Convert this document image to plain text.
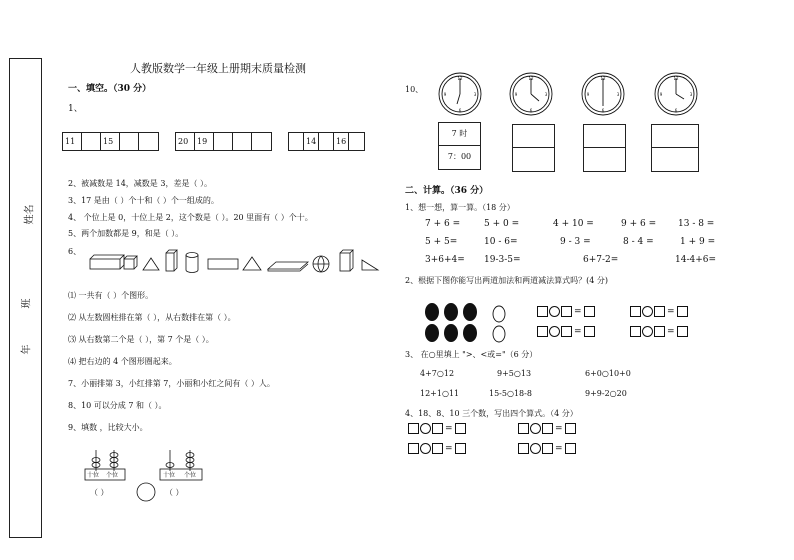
姓名
班
年
人教版数学一年级上册期末质量检测
一、填空。（30 分）
1、
11	15	20	19	14	16
2、被减数是 14，减数是 3，差是（ ）。
3、17 是由（ ）个十和（ ）个一组成的。
4、 个位上是 0，十位上是 2，这个数是（ ）。20 里面有（ ）个十。
5、两个加数都是 9，和是（ ）。
6、
⑴ 一共有（ ）个图形。
⑵ 从左数圆柱排在第（ ），从右数排在第（ ）。
⑶ 从右数第二个是（ ），第 7 个是（ ）。
⑷ 把右边的 4 个图形圈起来。
7、小丽排第 3，小红排第 7，小丽和小红之间有（ ）人。
8、10 可以分成 7 和（ ）。
9、填数 ，比较大小。
十位 个位	十位 个位
（ ）	（ ）
10、
12
6
9	3
12
6
9	3
12
6
9	3
12
6
9	3
7 时
7：00
二、计算。（36 分）
1、想一想，算一算。（18 分）
7 + 6 =	5 + 0 =	4 + 10 =	9 + 6 = 13 - 8 =
5 + 5=	10 - 6=	9 - 3 =	8 - 4 =	1 + 9 =
3+6+4= 19-3-5=	6+7-2=	14-4+6=
2、根据下图你能写出两道加法和两道减法算式吗？(4 分)
=	=
=	=
3、 在○里填上 ">、<或="（6 分）
4+7○12	9+5○13	6+0○10+0
12+1○11	15-5○18-8	9+9-2○20
4、18、8、10 三个数，写出四个算式。（4 分）
=	=
=	=
